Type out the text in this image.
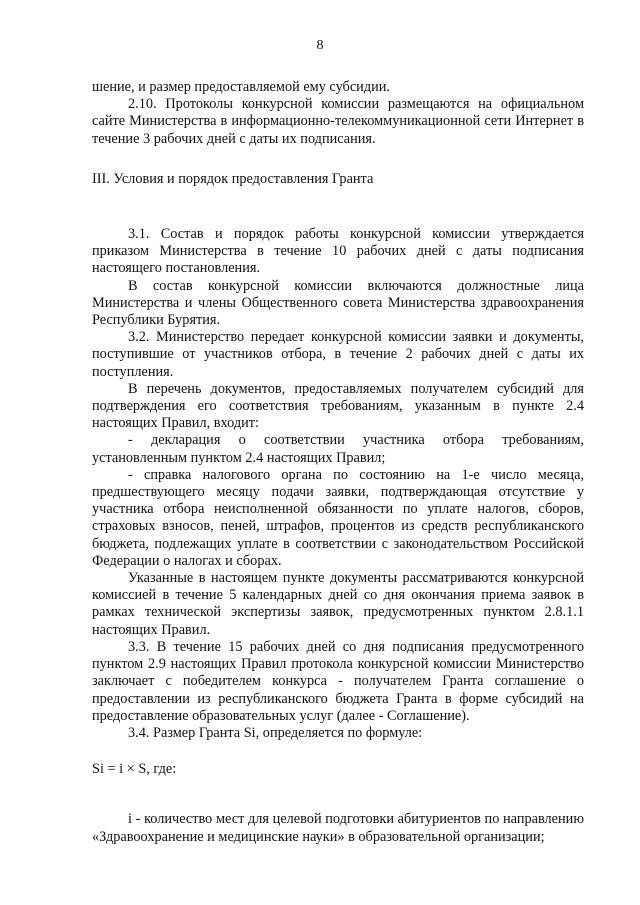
8

шение, и размер предоставляемой ему субсидии.

2.10. Протоколы конкурсной комиссии размещаются на официальном сайте Министерства в информационно-телекоммуникационной сети Интернет в течение 3 рабочих дней с даты их подписания.

III. Условия и порядок предоставления Гранта

3.1. Состав и порядок работы конкурсной комиссии утверждается приказом Министерства в течение 10 рабочих дней с даты подписания настоящего постановления.

В состав конкурсной комиссии включаются должностные лица Министерства и члены Общественного совета Министерства здравоохранения Республики Бурятия.

3.2. Министерство передает конкурсной комиссии заявки и документы, поступившие от участников отбора, в течение 2 рабочих дней с даты их поступления.

В перечень документов, предоставляемых получателем субсидий для подтверждения его соответствия требованиям, указанным в пункте 2.4 настоящих Правил, входит:

- декларация о соответствии участника отбора требованиям, установленным пунктом 2.4 настоящих Правил;

- справка налогового органа по состоянию на 1-е число месяца, предшествующего месяцу подачи заявки, подтверждающая отсутствие у участника отбора неисполненной обязанности по уплате налогов, сборов, страховых взносов, пеней, штрафов, процентов из средств республиканского бюджета, подлежащих уплате в соответствии с законодательством Российской Федерации о налогах и сборах.

Указанные в настоящем пункте документы рассматриваются конкурсной комиссией в течение 5 календарных дней со дня окончания приема заявок в рамках технической экспертизы заявок, предусмотренных пунктом 2.8.1.1 настоящих Правил.

3.3. В течение 15 рабочих дней со дня подписания предусмотренного пунктом 2.9 настоящих Правил протокола конкурсной комиссии Министерство заключает с победителем конкурса - получателем Гранта соглашение о предоставлении из республиканского бюджета Гранта в форме субсидий на предоставление образовательных услуг (далее - Соглашение).

3.4. Размер Гранта Si, определяется по формуле:

Si = i × S, где:

i - количество мест для целевой подготовки абитуриентов по направлению «Здравоохранение и медицинские науки» в образовательной организации;
